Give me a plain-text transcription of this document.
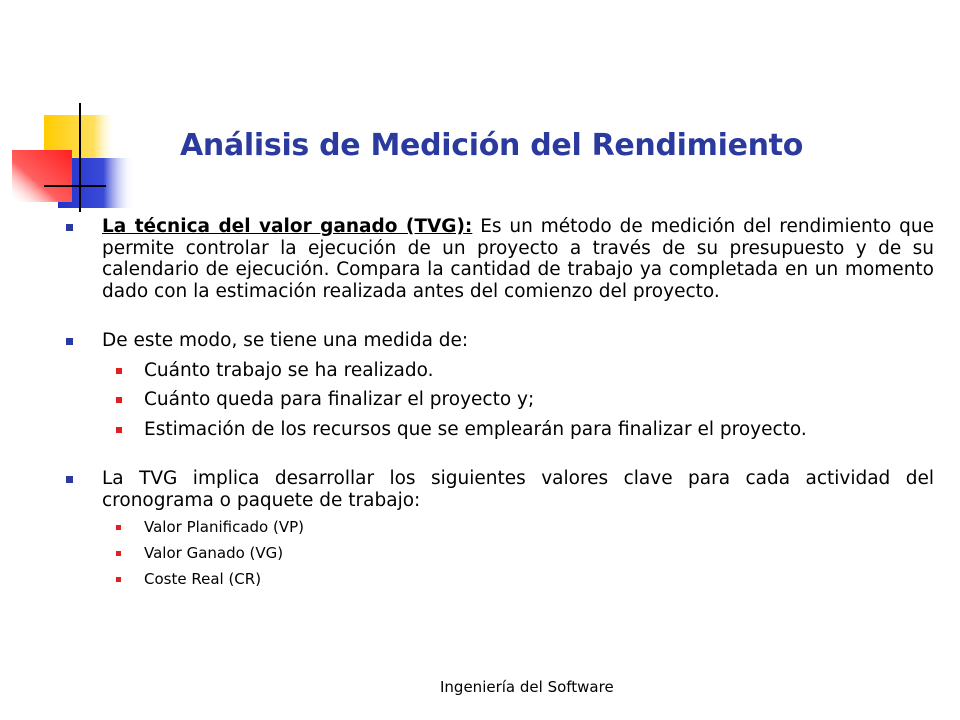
Análisis de Medición del Rendimiento
La técnica del valor ganado (TVG): Es un método de medición del rendimiento que permite controlar la ejecución de un proyecto a través de su presupuesto y de su calendario de ejecución. Compara la cantidad de trabajo ya completada en un momento dado con la estimación realizada antes del comienzo del proyecto.
De este modo, se tiene una medida de:
Cuánto trabajo se ha realizado.
Cuánto queda para finalizar el proyecto y;
Estimación de los recursos que se emplearán para finalizar el proyecto.
La TVG implica desarrollar los siguientes valores clave para cada actividad del cronograma o paquete de trabajo:
Valor Planificado (VP)
Valor Ganado (VG)
Coste Real (CR)
Ingeniería del Software
